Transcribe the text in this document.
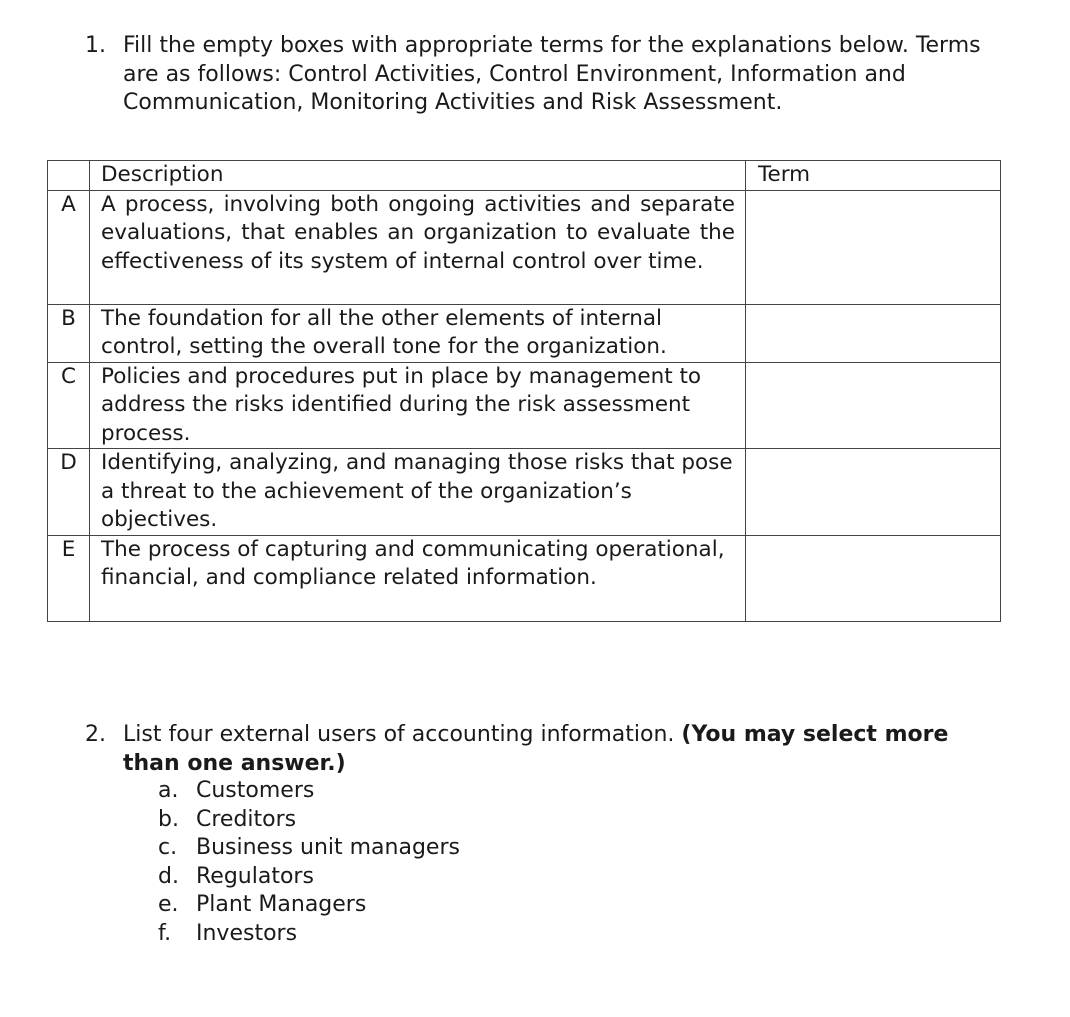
1. Fill the empty boxes with appropriate terms for the explanations below. Terms are as follows: Control Activities, Control Environment, Information and Communication, Monitoring Activities and Risk Assessment.
	Description	Term
A	A process, involving both ongoing activities and separate evaluations, that enables an organization to evaluate the effectiveness of its system of internal control over time.	
B	The foundation for all the other elements of internal control, setting the overall tone for the organization.	
C	Policies and procedures put in place by management to address the risks identified during the risk assessment process.	
D	Identifying, analyzing, and managing those risks that pose a threat to the achievement of the organization’s objectives.	
E	The process of capturing and communicating operational, financial, and compliance related information.	
2. List four external users of accounting information. (You may select more than one answer.)
a. Customers
b. Creditors
c. Business unit managers
d. Regulators
e. Plant Managers
f. Investors
